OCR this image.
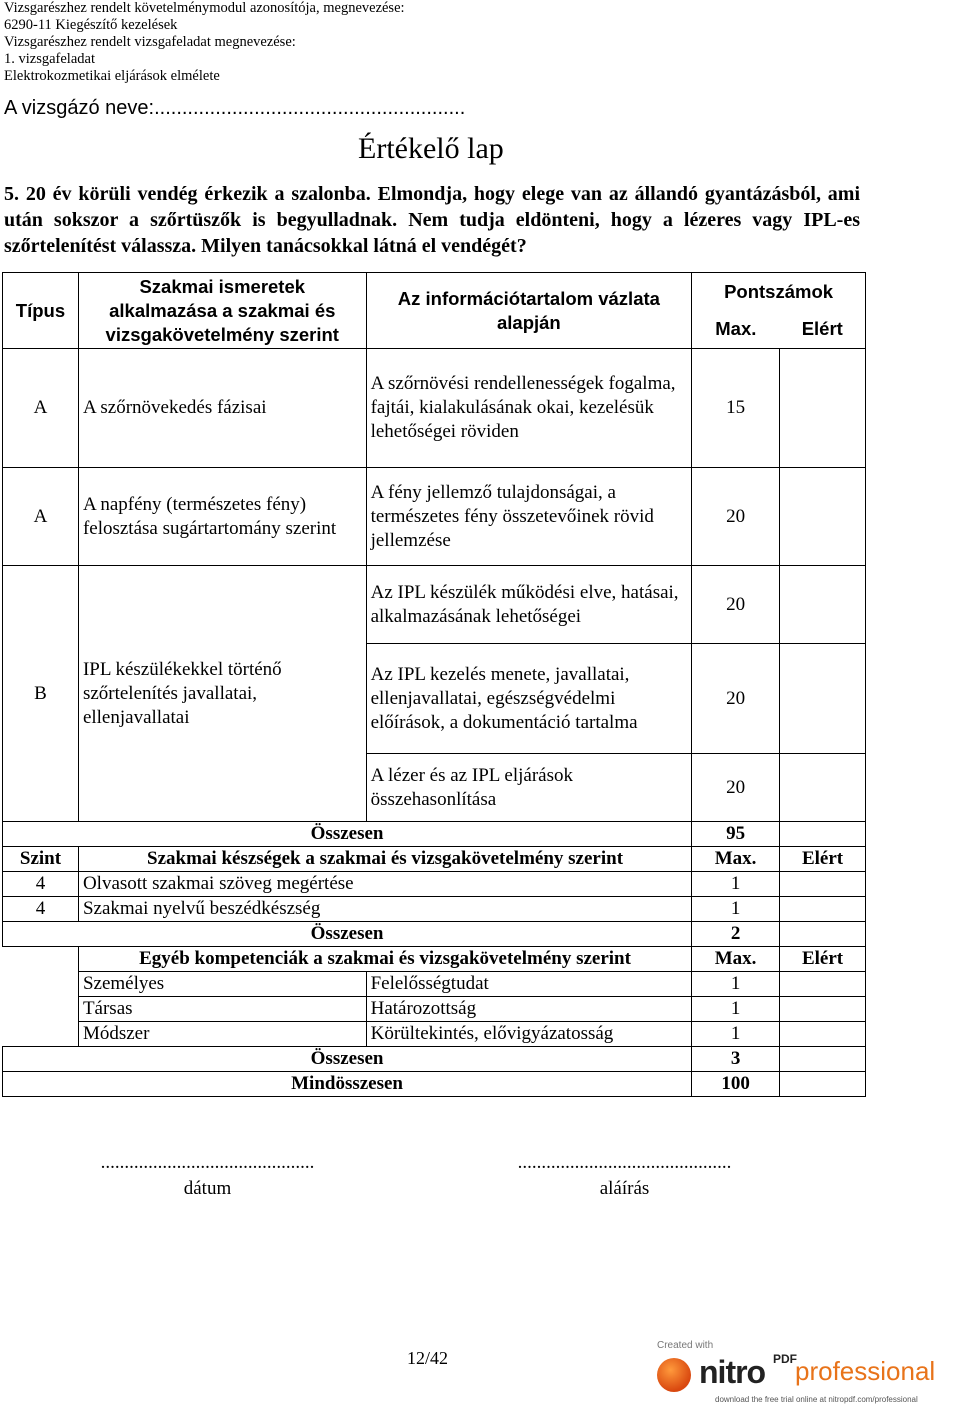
Vizsgarészhez rendelt követelménymodul azonosítója, megnevezése:
6290-11 Kiegészítő kezelések
Vizsgarészhez rendelt vizsgafeladat megnevezése:
1. vizsgafeladat
Elektrokozmetikai eljárások elmélete
A vizsgázó neve:........................................................
Értékelő lap
5. 20 év körüli vendég érkezik a szalonba. Elmondja, hogy elege van az állandó gyantázásból, ami után sokszor a szőrtüszők is begyulladnak. Nem tudja eldönteni, hogy a lézeres vagy IPL-es szőrtelenítést válassza. Milyen tanácsokkal látná el vendégét?
Típus	Szakmai ismeretek alkalmazása a szakmai és vizsgakövetelmény szerint	Az információtartalom vázlata alapján	Pontszámok	
			Max.	Elért
A	A szőrnövekedés fázisai	A szőrnövési rendellenességek fogalma, fajtái, kialakulásának okai, kezelésük lehetőségei röviden	15	
A	A napfény (természetes fény) felosztása sugártartomány szerint	A fény jellemző tulajdonságai, a természetes fény összetevőinek rövid jellemzése	20	
B	IPL készülékekkel történő szőrtelenítés javallatai, ellenjavallatai	Az IPL készülék működési elve, hatásai, alkalmazásának lehetőségei	20	
		Az IPL kezelés menete, javallatai, ellenjavallatai, egészségvédelmi előírások, a dokumentáció tartalma	20	
		A lézer és az IPL eljárások összehasonlítása	20	
Összesen			95	
Szint	Szakmai készségek a szakmai és vizsgakövetelmény szerint		Max.	Elért
4	Olvasott szakmai szöveg megértése		1	
4	Szakmai nyelvű beszédkészség		1	
Összesen			2	
	Egyéb kompetenciák a szakmai és vizsgakövetelmény szerint		Max.	Elért
	Személyes	Felelősségtudat	1	
	Társas	Határozottság	1	
	Módszer	Körültekintés, elővigyázatosság	1	
Összesen			3	
Mindösszesen			100	
.............................................
dátum
.............................................
aláírás
12/42
Created with
nitro PDF
professional
download the free trial online at nitropdf.com/professional
